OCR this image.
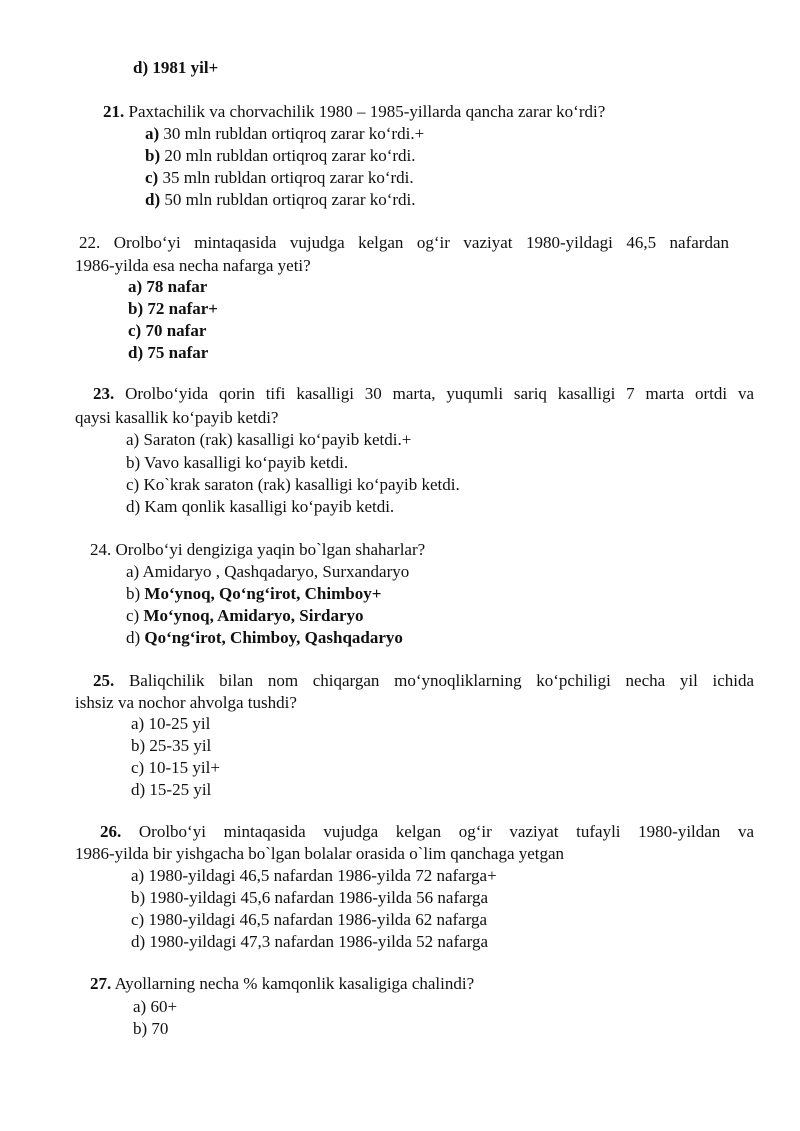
d) 1981 yil+
21. Paxtachilik va chorvachilik 1980 – 1985-yillarda qancha zarar ko‘rdi?
a) 30 mln rubldan ortiqroq zarar ko‘rdi.+
b) 20 mln rubldan ortiqroq zarar ko‘rdi.
c) 35 mln rubldan ortiqroq zarar ko‘rdi.
d) 50 mln rubldan ortiqroq zarar ko‘rdi.
22. Orolbo‘yi mintaqasida vujudga kelgan og‘ir vaziyat 1980-yildagi 46,5 nafardan
1986-yilda esa necha nafarga yeti?
a) 78 nafar
b) 72 nafar+
c) 70 nafar
d) 75 nafar
23. Orolbo‘yida qorin tifi kasalligi 30 marta, yuqumli sariq kasalligi 7 marta ortdi va
qaysi kasallik ko‘payib ketdi?
a) Saraton (rak) kasalligi ko‘payib ketdi.+
b) Vavo kasalligi ko‘payib ketdi.
c) Ko`krak saraton (rak) kasalligi ko‘payib ketdi.
d) Kam qonlik kasalligi ko‘payib ketdi.
24. Orolbo‘yi dengiziga yaqin bo`lgan shaharlar?
a) Amidaryo , Qashqadaryo, Surxandaryo
b) Mo‘ynoq, Qo‘ng‘irot, Chimboy+
c) Mo‘ynoq, Amidaryo, Sirdaryo
d) Qo‘ng‘irot, Chimboy, Qashqadaryo
25. Baliqchilik bilan nom chiqargan mo‘ynoqliklarning ko‘pchiligi necha yil ichida
ishsiz va nochor ahvolga tushdi?
a) 10-25 yil
b) 25-35 yil
c) 10-15 yil+
d) 15-25 yil
26. Orolbo‘yi mintaqasida vujudga kelgan og‘ir vaziyat tufayli 1980-yildan va
1986-yilda bir yishgacha bo`lgan bolalar orasida o`lim qanchaga yetgan
a) 1980-yildagi 46,5 nafardan 1986-yilda 72 nafarga+
b) 1980-yildagi 45,6 nafardan 1986-yilda 56 nafarga
c) 1980-yildagi 46,5 nafardan 1986-yilda 62 nafarga
d) 1980-yildagi 47,3 nafardan 1986-yilda 52 nafarga
27. Ayollarning necha % kamqonlik kasaligiga chalindi?
a) 60+
b) 70
